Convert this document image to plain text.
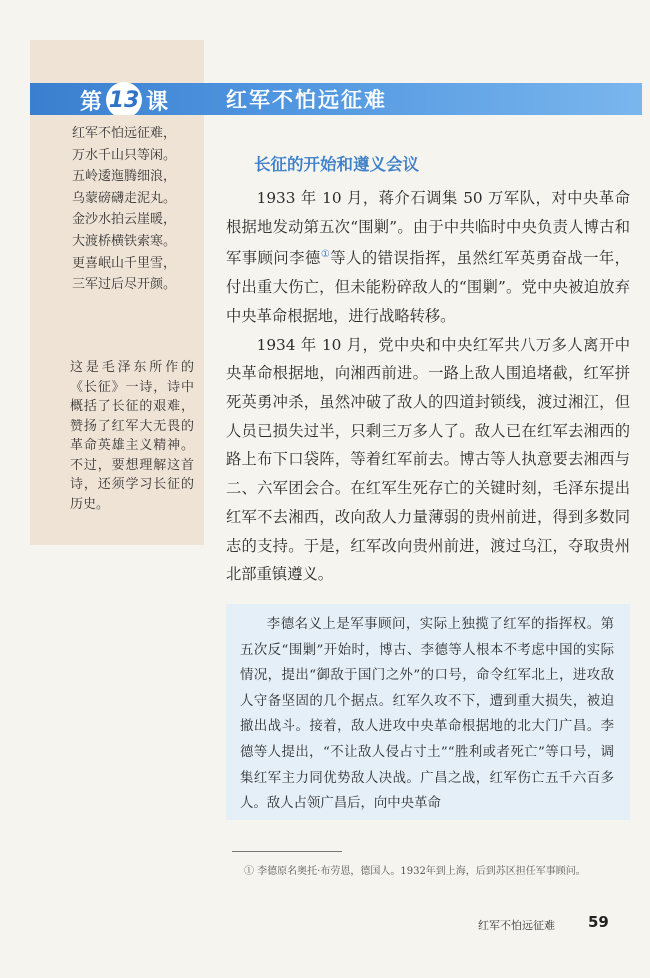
第 13 课	红军不怕远征难
红军不怕远征难，
万水千山只等闲。
五岭逶迤腾细浪，
乌蒙磅礴走泥丸。
金沙水拍云崖暖，
大渡桥横铁索寒。
更喜岷山千里雪，
三军过后尽开颜。
这是毛泽东所作的《长征》一诗，诗中概括了长征的艰难，赞扬了红军大无畏的革命英雄主义精神。不过，要想理解这首诗，还须学习长征的历史。
长征的开始和遵义会议

1933 年 10 月，蒋介石调集 50 万军队，对中央革命根据地发动第五次“围剿”。由于中共临时中央负责人博古和军事顾问李德①等人的错误指挥，虽然红军英勇奋战一年，付出重大伤亡，但未能粉碎敌人的“围剿”。党中央被迫放弃中央革命根据地，进行战略转移。

1934 年 10 月，党中央和中央红军共八万多人离开中央革命根据地，向湘西前进。一路上敌人围追堵截，红军拼死英勇冲杀，虽然冲破了敌人的四道封锁线，渡过湘江，但人员已损失过半，只剩三万多人了。敌人已在红军去湘西的路上布下口袋阵，等着红军前去。博古等人执意要去湘西与二、六军团会合。在红军生死存亡的关键时刻，毛泽东提出红军不去湘西，改向敌人力量薄弱的贵州前进，得到多数同志的支持。于是，红军改向贵州前进，渡过乌江，夺取贵州北部重镇遵义。

李德名义上是军事顾问，实际上独揽了红军的指挥权。第五次反“围剿”开始时，博古、李德等人根本不考虑中国的实际情况，提出“御敌于国门之外”的口号，命令红军北上，进攻敌人守备坚固的几个据点。红军久攻不下，遭到重大损失，被迫撤出战斗。接着，敌人进攻中央革命根据地的北大门广昌。李德等人提出，“不让敌人侵占寸土”“胜利或者死亡”等口号，调集红军主力同优势敌人决战。广昌之战，红军伤亡五千六百多人。敌人占领广昌后，向中央革命
① 李德原名奥托·布劳恩，德国人。1932年到上海，后到苏区担任军事顾问。
红军不怕远征难 59
